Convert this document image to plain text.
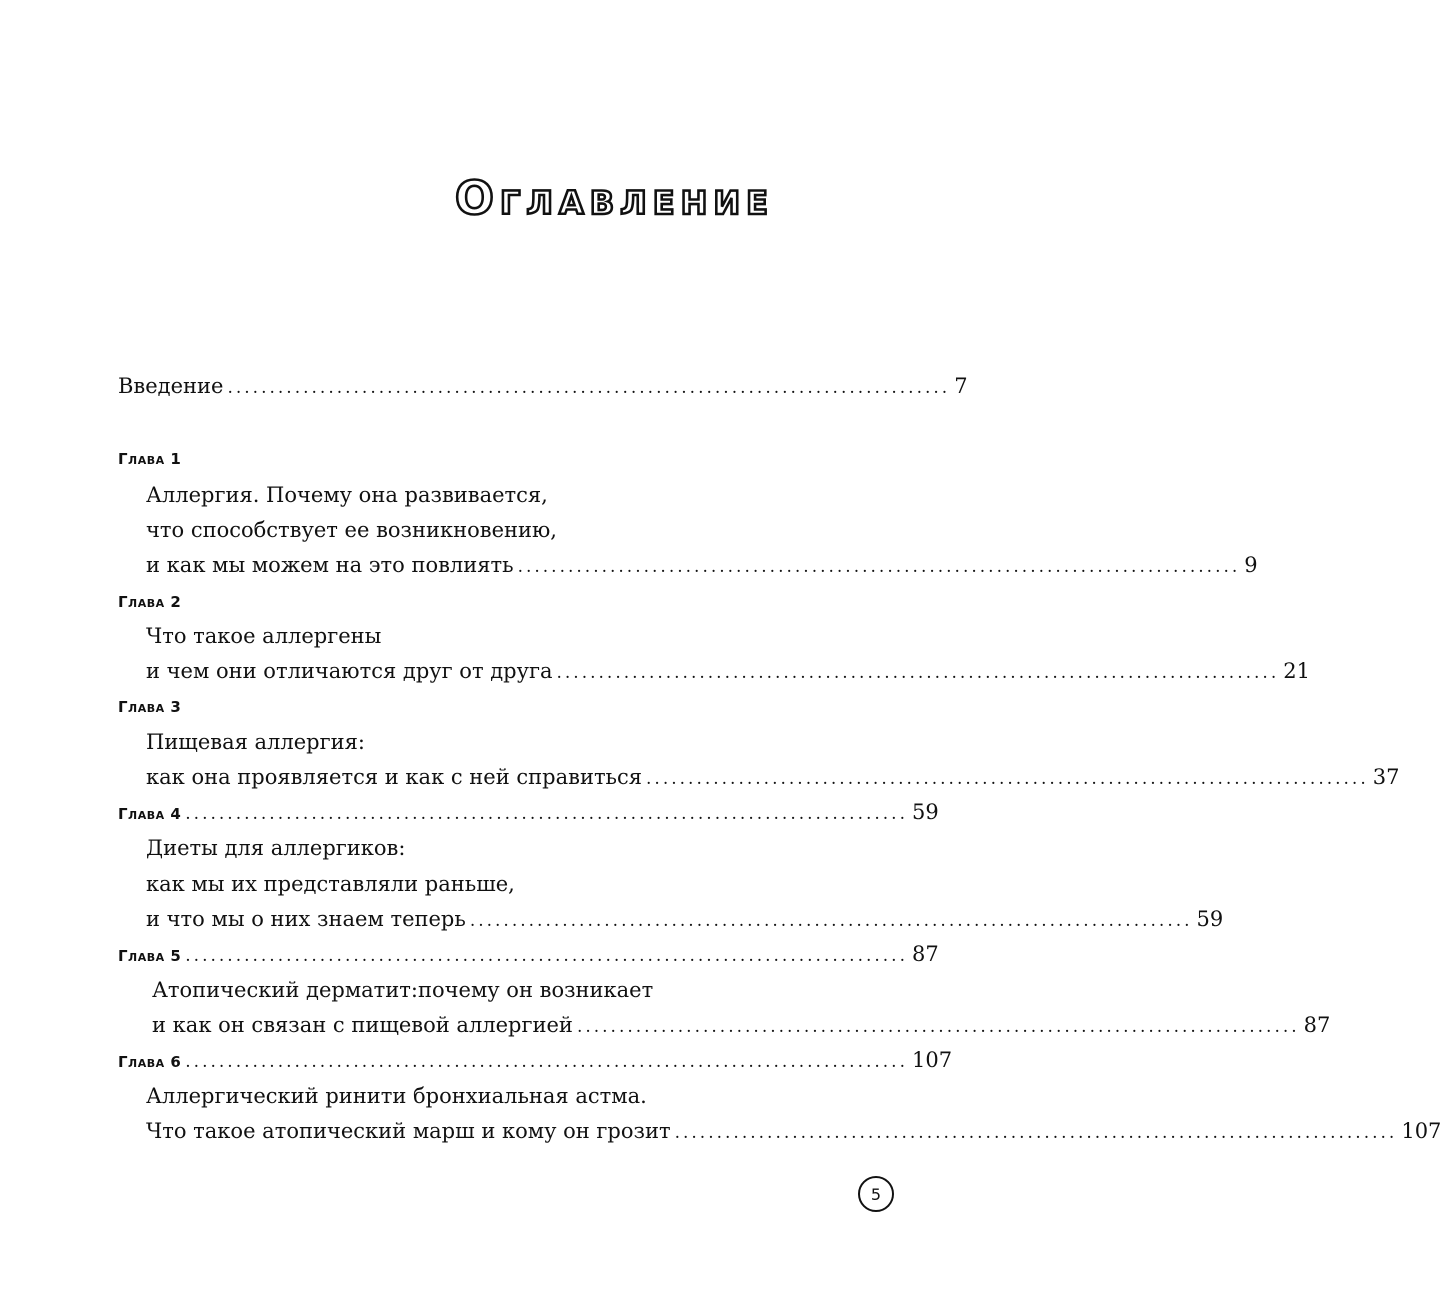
Оглавление
Введение ...................................................................................... 7
Глава 1
Аллергия. Почему она развивается,
что способствует ее возникновению,
и как мы можем на это повлиять ...................................................................................... 9
Глава 2
Что такое аллергены
и чем они отличаются друг от друга ...................................................................................... 21
Глава 3
Пищевая аллергия:
как она проявляется и как с ней справиться ...................................................................................... 37
Глава 4 ...................................................................................... 59
Диеты для аллергиков:
как мы их представляли раньше,
и что мы о них знаем теперь ...................................................................................... 59
Глава 5 ...................................................................................... 87
Атопический дерматит:почему он возникает
и как он связан с пищевой аллергией ...................................................................................... 87
Глава 6 ...................................................................................... 107
Аллергический ринити бронхиальная астма.
Что такое атопический марш и кому он грозит ...................................................................................... 107
5
